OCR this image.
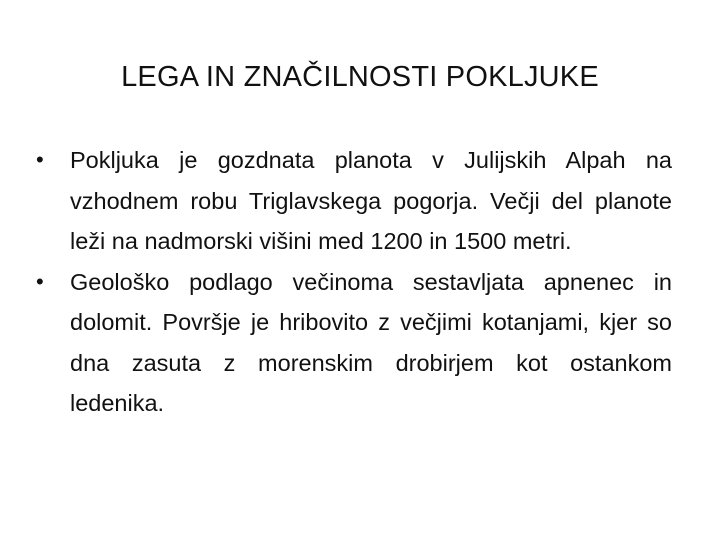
LEGA IN ZNAČILNOSTI POKLJUKE

•	Pokljuka je gozdnata planota v Julijskih Alpah na vzhodnem robu Triglavskega pogorja. Večji del planote leži na nadmorski višini med 1200 in 1500 metri.

•	Geološko podlago večinoma sestavljata apnenec in dolomit. Površje je hribovito z večjimi kotanjami, kjer so dna zasuta z morenskim drobirjem kot ostankom ledenika.
